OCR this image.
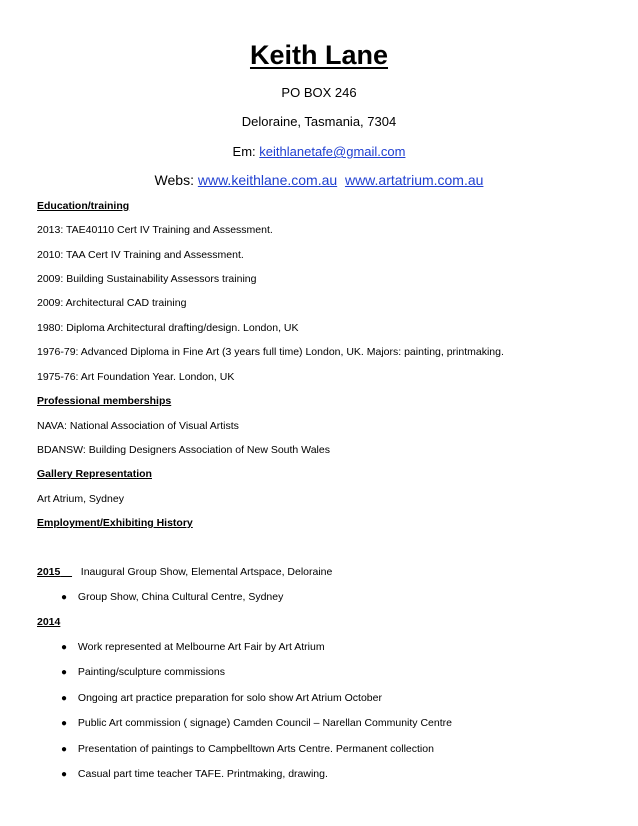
Keith Lane
PO BOX 246
Deloraine, Tasmania, 7304
Em: keithlanetafe@gmail.com
Webs: www.keithlane.com.au www.artatrium.com.au
Education/training
2013: TAE40110 Cert IV Training and Assessment.
2010: TAA Cert IV Training and Assessment.
2009: Building Sustainability Assessors training
2009: Architectural CAD training
1980: Diploma Architectural drafting/design. London, UK
1976-79: Advanced Diploma in Fine Art (3 years full time) London, UK. Majors: painting, printmaking.
1975-76: Art Foundation Year. London, UK
Professional memberships
NAVA: National Association of Visual Artists
BDANSW: Building Designers Association of New South Wales
Gallery Representation
Art Atrium, Sydney
Employment/Exhibiting History
2015 Inaugural Group Show, Elemental Artspace, Deloraine
● Group Show, China Cultural Centre, Sydney
2014
● Work represented at Melbourne Art Fair by Art Atrium
● Painting/sculpture commissions
● Ongoing art practice preparation for solo show Art Atrium October
● Public Art commission ( signage) Camden Council – Narellan Community Centre
● Presentation of paintings to Campbelltown Arts Centre. Permanent collection
● Casual part time teacher TAFE. Printmaking, drawing.
